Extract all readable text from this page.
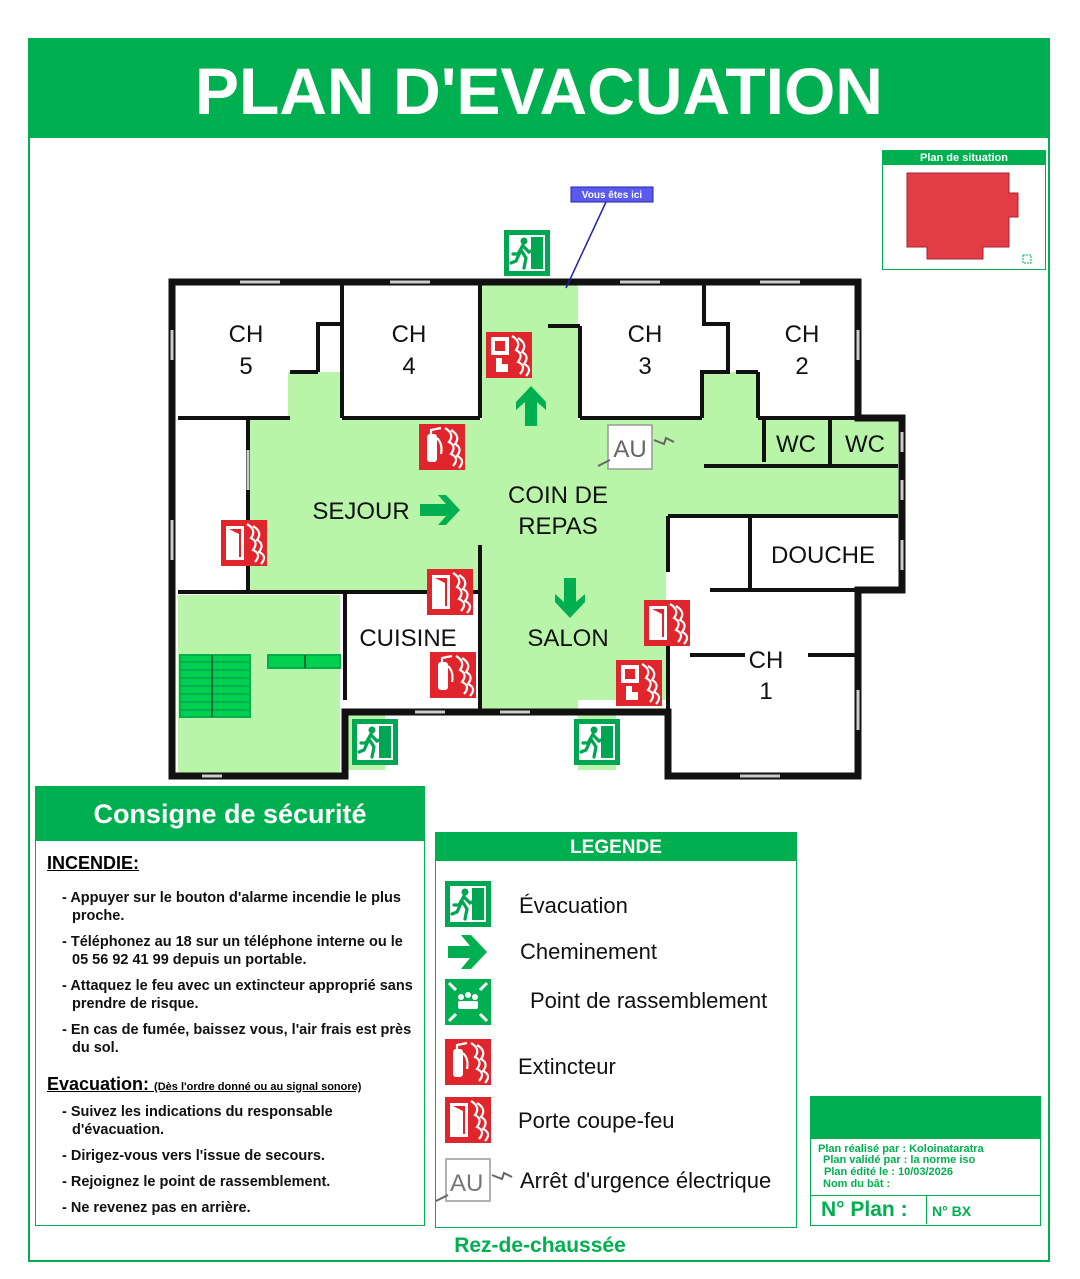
PLAN D'EVACUATION
CH
5
CH
4
CH
3
CH
2
CH
1
WC WC
SEJOUR
COIN DE
REPAS
DOUCHE
CUISINE	SALON
AU
Vous êtes ici
Plan de situation
Consigne de sécurité
INCENDIE:
- Appuyer sur le bouton d'alarme incendie le plus proche.
- Téléphonez au 18 sur un téléphone interne ou le 05 56 92 41 99 depuis un portable.
- Attaquez le feu avec un extincteur approprié sans prendre de risque.
- En cas de fumée, baissez vous, l'air frais est près du sol.
Evacuation: (Dès l'ordre donné ou au signal sonore)
- Suivez les indications du responsable d'évacuation.
- Dirigez-vous vers l'issue de secours.
- Rejoignez le point de rassemblement.
- Ne revenez pas en arrière.
LEGENDE
Évacuation
Cheminement
Point de rassemblement
Extincteur
Porte coupe-feu
AU Arrêt d'urgence électrique
Plan réalisé par : Koloinataratra
Plan validé par : la norme iso
Plan édité le : 10/03/2026
Nom du bât :
N° Plan :	N° BX
Rez-de-chaussée
